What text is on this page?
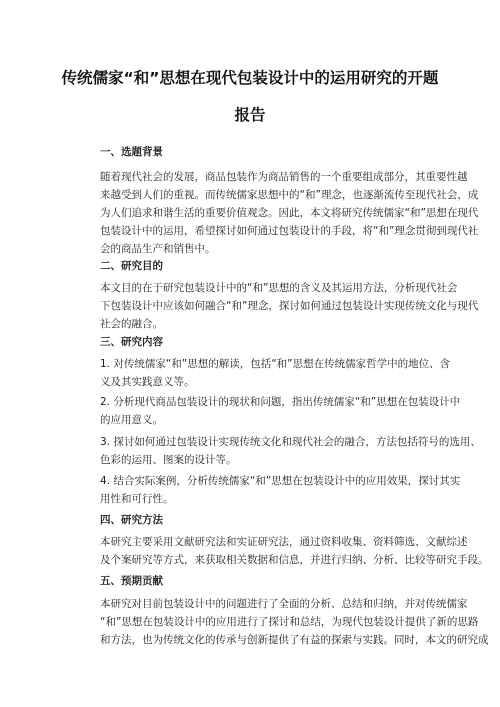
传统儒家“和”思想在现代包装设计中的运用研究的开题
报告
一、选题背景

随着现代社会的发展，商品包装作为商品销售的一个重要组成部分，其重要性越
来越受到人们的重视。而传统儒家思想中的“和”理念，也逐渐流传至现代社会，成
为人们追求和谐生活的重要价值观念。因此，本文将研究传统儒家“和”思想在现代
包装设计中的运用，希望探讨如何通过包装设计的手段，将“和”理念贯彻到现代社
会的商品生产和销售中。

二、研究目的

本文目的在于研究包装设计中的“和”思想的含义及其运用方法，分析现代社会
下包装设计中应该如何融合“和”理念，探讨如何通过包装设计实现传统文化与现代
社会的融合。

三、研究内容

1. 对传统儒家“和”思想的解读，包括“和”思想在传统儒家哲学中的地位、含
义及其实践意义等。

2. 分析现代商品包装设计的现状和问题，指出传统儒家“和”思想在包装设计中
的应用意义。

3. 探讨如何通过包装设计实现传统文化和现代社会的融合，方法包括符号的选用、
色彩的运用、图案的设计等。

4. 结合实际案例，分析传统儒家“和”思想在包装设计中的应用效果，探讨其实
用性和可行性。

四、研究方法

本研究主要采用文献研究法和实证研究法，通过资料收集、资料筛选、文献综述
及个案研究等方式，来获取相关数据和信息，并进行归纳、分析、比较等研究手段。

五、预期贡献

本研究对目前包装设计中的问题进行了全面的分析、总结和归纳，并对传统儒家
“和”思想在包装设计中的应用进行了探讨和总结，为现代包装设计提供了新的思路
和方法，也为传统文化的传承与创新提供了有益的探索与实践。同时，本文的研究成
